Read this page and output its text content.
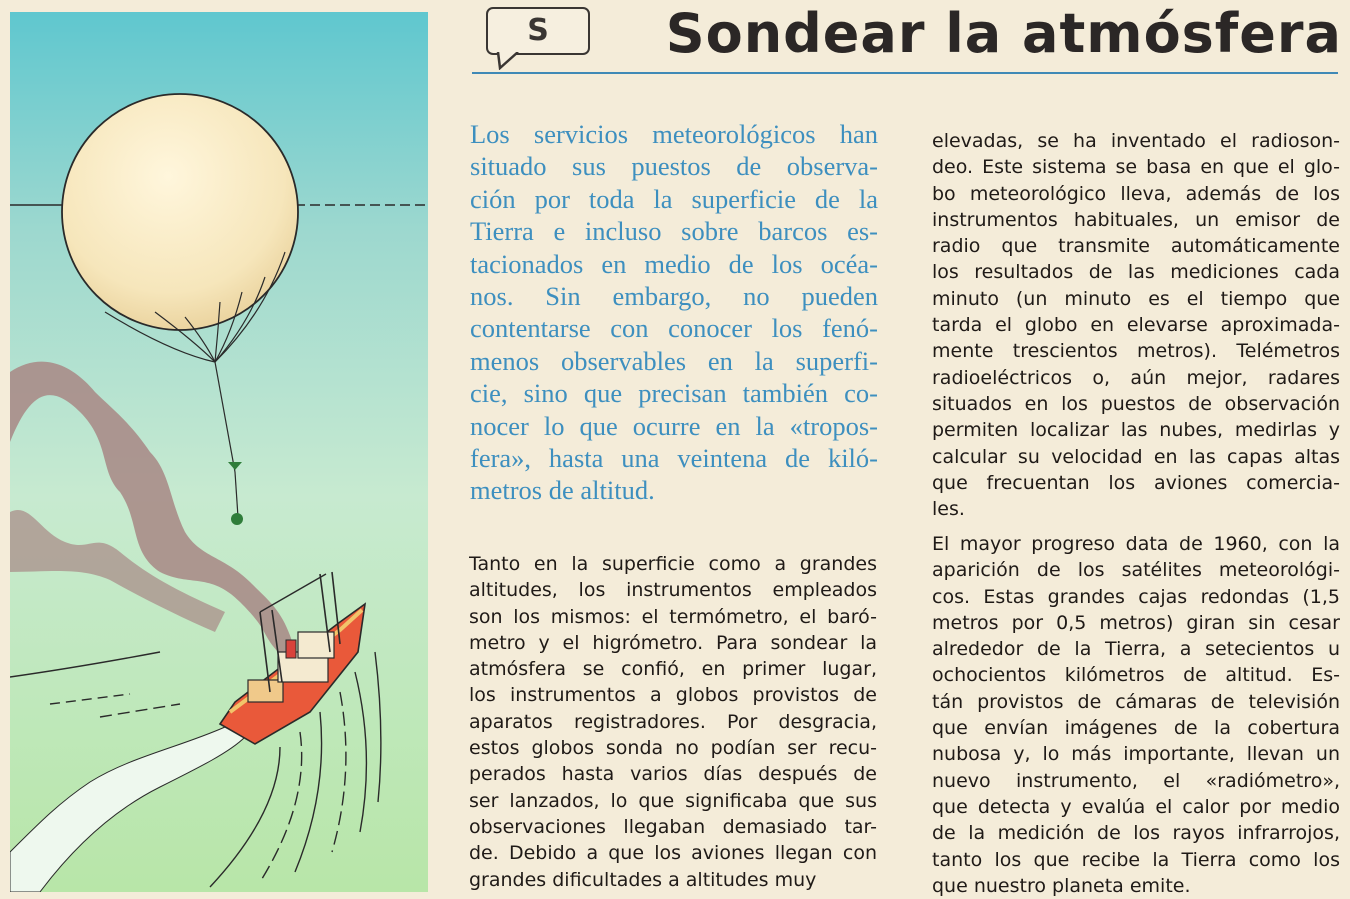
S	Sondear la atmósfera
Los servicios meteorológicos han
situado sus puestos de observa-
ción por toda la superficie de la
Tierra e incluso sobre barcos es-
tacionados en medio de los océa-
nos. Sin embargo, no pueden
contentarse con conocer los fenó-
menos observables en la superfi-
cie, sino que precisan también co-
nocer lo que ocurre en la «tropos-
fera», hasta una veintena de kiló-
metros de altitud.
Tanto en la superficie como a grandes
altitudes, los instrumentos empleados
son los mismos: el termómetro, el baró-
metro y el higrómetro. Para sondear la
atmósfera se confió, en primer lugar,
los instrumentos a globos provistos de
aparatos registradores. Por desgracia,
estos globos sonda no podían ser recu-
perados hasta varios días después de
ser lanzados, lo que significaba que sus
observaciones llegaban demasiado tar-
de. Debido a que los aviones llegan con
grandes dificultades a altitudes muy
elevadas, se ha inventado el radioson-
deo. Este sistema se basa en que el glo-
bo meteorológico lleva, además de los
instrumentos habituales, un emisor de
radio que transmite automáticamente
los resultados de las mediciones cada
minuto (un minuto es el tiempo que
tarda el globo en elevarse aproximada-
mente trescientos metros). Telémetros
radioeléctricos o, aún mejor, radares
situados en los puestos de observación
permiten localizar las nubes, medirlas y
calcular su velocidad en las capas altas
que frecuentan los aviones comercia-
les.
El mayor progreso data de 1960, con la
aparición de los satélites meteorológi-
cos. Estas grandes cajas redondas (1,5
metros por 0,5 metros) giran sin cesar
alrededor de la Tierra, a setecientos u
ochocientos kilómetros de altitud. Es-
tán provistos de cámaras de televisión
que envían imágenes de la cobertura
nubosa y, lo más importante, llevan un
nuevo instrumento, el «radiómetro»,
que detecta y evalúa el calor por medio
de la medición de los rayos infrarrojos,
tanto los que recibe la Tierra como los
que nuestro planeta emite.
